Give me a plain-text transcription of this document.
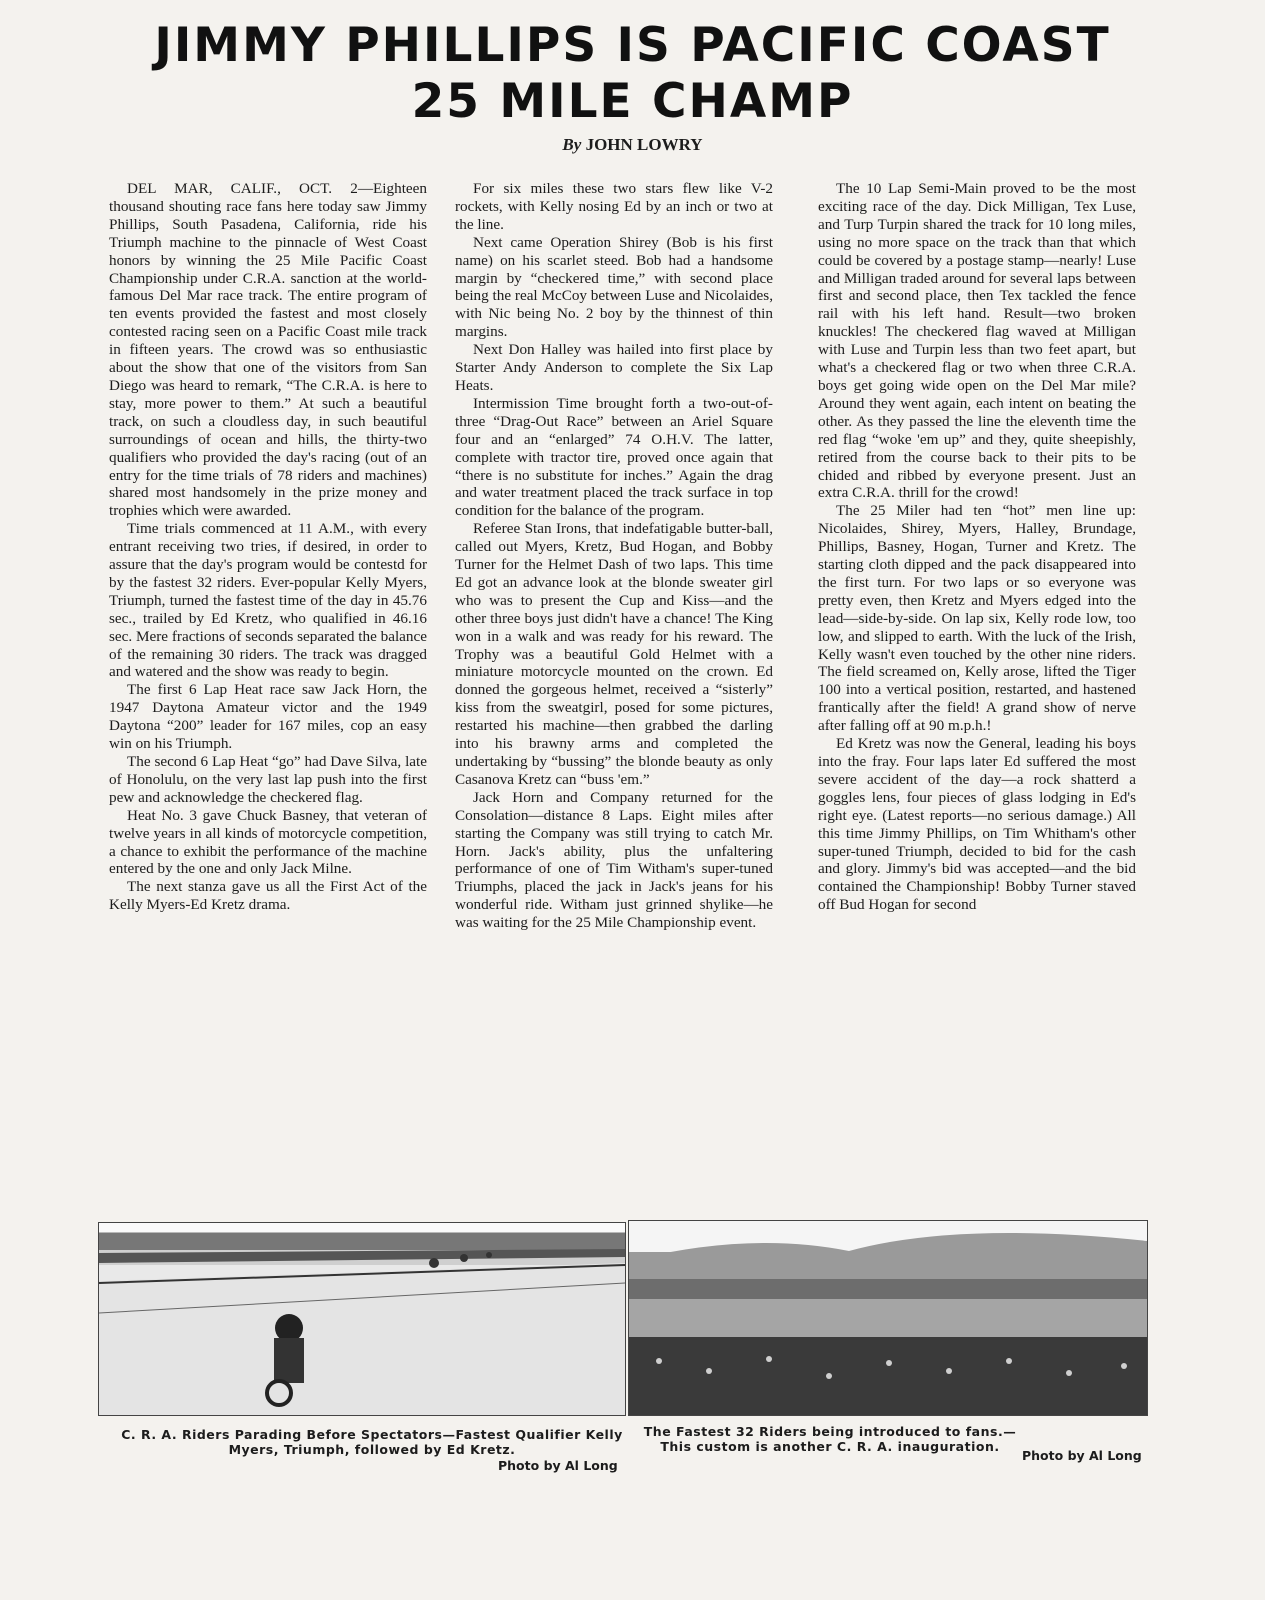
JIMMY PHILLIPS IS PACIFIC COAST
25 MILE CHAMP
By JOHN LOWRY

DEL MAR, CALIF., OCT. 2—Eighteen thousand shouting race fans here today saw Jimmy Phillips, South Pasadena, California, ride his Triumph machine to the pinnacle of West Coast honors by winning the 25 Mile Pacific Coast Championship under C.R.A. sanction at the world-famous Del Mar race track. The entire program of ten events provided the fastest and most closely contested racing seen on a Pacific Coast mile track in fifteen years. The crowd was so enthusiastic about the show that one of the visitors from San Diego was heard to remark, “The C.R.A. is here to stay, more power to them.” At such a beautiful track, on such a cloudless day, in such beautiful surroundings of ocean and hills, the thirty-two qualifiers who provided the day's racing (out of an entry for the time trials of 78 riders and machines) shared most handsomely in the prize money and trophies which were awarded.

Time trials commenced at 11 A.M., with every entrant receiving two tries, if desired, in order to assure that the day's program would be contestd for by the fastest 32 riders. Ever-popular Kelly Myers, Triumph, turned the fastest time of the day in 45.76 sec., trailed by Ed Kretz, who qualified in 46.16 sec. Mere fractions of seconds separated the balance of the remaining 30 riders. The track was dragged and watered and the show was ready to begin.

The first 6 Lap Heat race saw Jack Horn, the 1947 Daytona Amateur victor and the 1949 Daytona “200” leader for 167 miles, cop an easy win on his Triumph.

The second 6 Lap Heat “go” had Dave Silva, late of Honolulu, on the very last lap push into the first pew and acknowledge the checkered flag.

Heat No. 3 gave Chuck Basney, that veteran of twelve years in all kinds of motorcycle competition, a chance to exhibit the performance of the machine entered by the one and only Jack Milne.

The next stanza gave us all the First Act of the Kelly Myers-Ed Kretz drama.

For six miles these two stars flew like V-2 rockets, with Kelly nosing Ed by an inch or two at the line.

Next came Operation Shirey (Bob is his first name) on his scarlet steed. Bob had a handsome margin by “checkered time,” with second place being the real McCoy between Luse and Nicolaides, with Nic being No. 2 boy by the thinnest of thin margins.

Next Don Halley was hailed into first place by Starter Andy Anderson to complete the Six Lap Heats.

Intermission Time brought forth a two-out-of-three “Drag-Out Race” between an Ariel Square four and an “enlarged” 74 O.H.V. The latter, complete with tractor tire, proved once again that “there is no substitute for inches.” Again the drag and water treatment placed the track surface in top condition for the balance of the program.

Referee Stan Irons, that indefatigable butter-ball, called out Myers, Kretz, Bud Hogan, and Bobby Turner for the Helmet Dash of two laps. This time Ed got an advance look at the blonde sweater girl who was to present the Cup and Kiss—and the other three boys just didn't have a chance! The King won in a walk and was ready for his reward. The Trophy was a beautiful Gold Helmet with a miniature motorcycle mounted on the crown. Ed donned the gorgeous helmet, received a “sisterly” kiss from the sweatgirl, posed for some pictures, restarted his machine—then grabbed the darling into his brawny arms and completed the undertaking by “bussing” the blonde beauty as only Casanova Kretz can “buss 'em.”

Jack Horn and Company returned for the Consolation—distance 8 Laps. Eight miles after starting the Company was still trying to catch Mr. Horn. Jack's ability, plus the unfaltering performance of one of Tim Witham's super-tuned Triumphs, placed the jack in Jack's jeans for his wonderful ride. Witham just grinned shylike—he was waiting for the 25 Mile Championship event.

The 10 Lap Semi-Main proved to be the most exciting race of the day. Dick Milligan, Tex Luse, and Turp Turpin shared the track for 10 long miles, using no more space on the track than that which could be covered by a postage stamp—nearly! Luse and Milligan traded around for several laps between first and second place, then Tex tackled the fence rail with his left hand. Result—two broken knuckles! The checkered flag waved at Milligan with Luse and Turpin less than two feet apart, but what's a checkered flag or two when three C.R.A. boys get going wide open on the Del Mar mile? Around they went again, each intent on beating the other. As they passed the line the eleventh time the red flag “woke 'em up” and they, quite sheepishly, retired from the course back to their pits to be chided and ribbed by everyone present. Just an extra C.R.A. thrill for the crowd!

The 25 Miler had ten “hot” men line up: Nicolaides, Shirey, Myers, Halley, Brundage, Phillips, Basney, Hogan, Turner and Kretz. The starting cloth dipped and the pack disappeared into the first turn. For two laps or so everyone was pretty even, then Kretz and Myers edged into the lead—side-by-side. On lap six, Kelly rode low, too low, and slipped to earth. With the luck of the Irish, Kelly wasn't even touched by the other nine riders. The field screamed on, Kelly arose, lifted the Tiger 100 into a vertical position, restarted, and hastened frantically after the field! A grand show of nerve after falling off at 90 m.p.h.!

Ed Kretz was now the General, leading his boys into the fray. Four laps later Ed suffered the most severe accident of the day—a rock shatterd a goggles lens, four pieces of glass lodging in Ed's right eye. (Latest reports—no serious damage.) All this time Jimmy Phillips, on Tim Whitham's other super-tuned Triumph, decided to bid for the cash and glory. Jimmy's bid was accepted—and the bid contained the Championship! Bobby Turner staved off Bud Hogan for second

C. R. A. Riders Parading Before Spectators—Fastest Qualifier Kelly Myers, Triumph, followed by Ed Kretz.
Photo by Al Long
The Fastest 32 Riders being introduced to fans.—This custom is another C. R. A. inauguration.
Photo by Al Long
